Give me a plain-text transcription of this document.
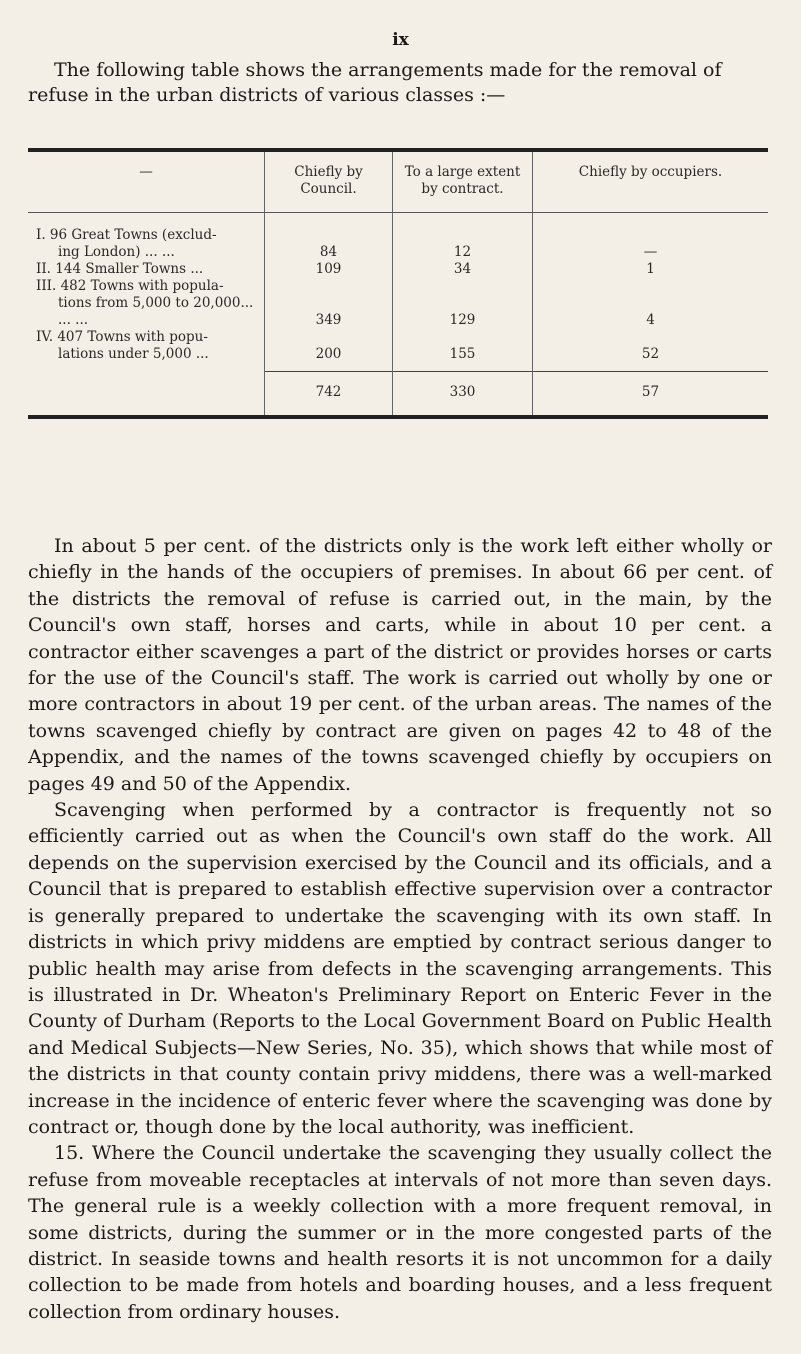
ix

The following table shows the arrangements made for the removal of refuse in the urban districts of various classes :—

—	Chiefly by Council.	To a large extent by contract.	Chiefly by occupiers.
I. 96 Great Towns (exclud-
ing London) ... ...	84	12	—
II. 144 Smaller Towns ...	109	34	1
III. 482 Towns with popula-
tions from 5,000 to 20,000... ... ...	349	129	4
IV. 407 Towns with popu-
lations under 5,000 ...	200	155	52
	742	330	57

In about 5 per cent. of the districts only is the work left either wholly or chiefly in the hands of the occupiers of premises. In about 66 per cent. of the districts the removal of refuse is carried out, in the main, by the Council's own staff, horses and carts, while in about 10 per cent. a contractor either scavenges a part of the district or provides horses or carts for the use of the Council's staff. The work is carried out wholly by one or more contractors in about 19 per cent. of the urban areas. The names of the towns scavenged chiefly by contract are given on pages 42 to 48 of the Appendix, and the names of the towns scavenged chiefly by occupiers on pages 49 and 50 of the Appendix.

Scavenging when performed by a contractor is frequently not so efficiently carried out as when the Council's own staff do the work. All depends on the supervision exercised by the Council and its officials, and a Council that is prepared to establish effective supervision over a contractor is generally prepared to undertake the scavenging with its own staff. In districts in which privy middens are emptied by contract serious danger to public health may arise from defects in the scavenging arrangements. This is illustrated in Dr. Wheaton's Preliminary Report on Enteric Fever in the County of Durham (Reports to the Local Government Board on Public Health and Medical Subjects—New Series, No. 35), which shows that while most of the districts in that county contain privy middens, there was a well-marked increase in the incidence of enteric fever where the scavenging was done by contract or, though done by the local authority, was inefficient.

15. Where the Council undertake the scavenging they usually collect the refuse from moveable receptacles at intervals of not more than seven days. The general rule is a weekly collection with a more frequent removal, in some districts, during the summer or in the more congested parts of the district. In seaside towns and health resorts it is not uncommon for a daily collection to be made from hotels and boarding houses, and a less frequent collection from ordinary houses.
